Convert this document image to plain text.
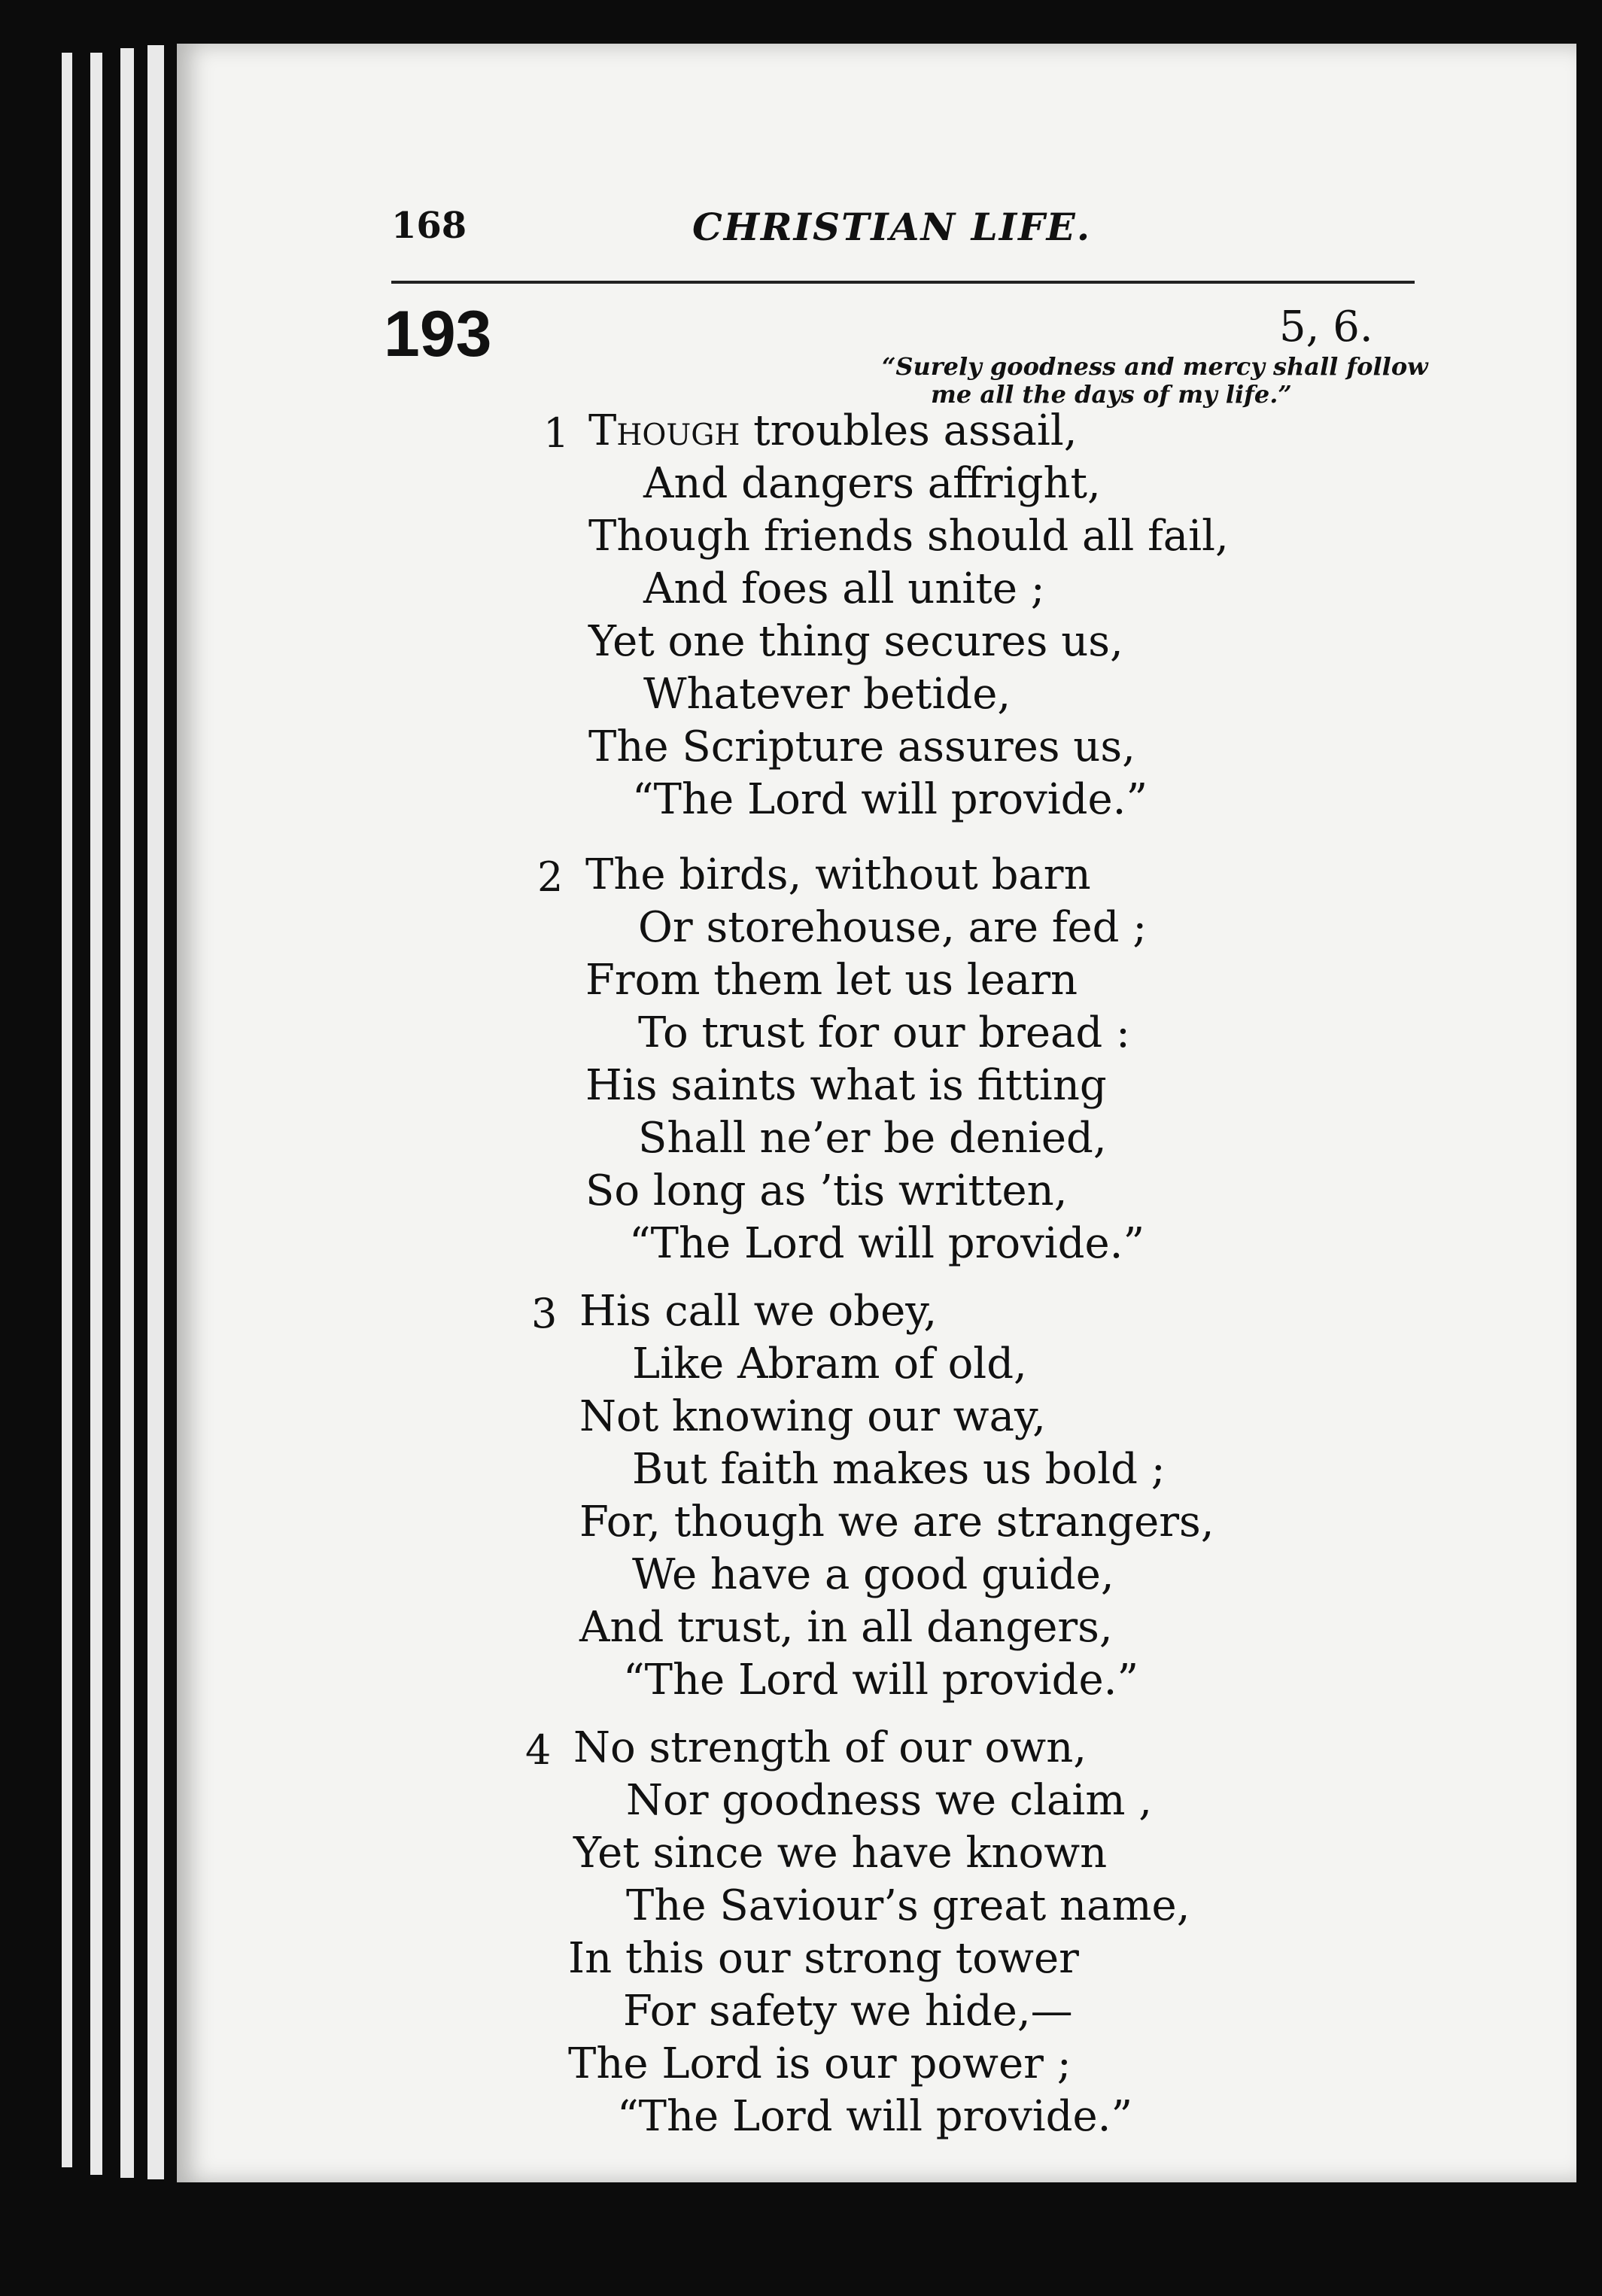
168	CHRISTIAN LIFE.
193	5, 6.
“Surely goodness and mercy shall follow
me all the days of my life.”
1 Though troubles assail,
And dangers affright,
Though friends should all fail,
And foes all unite ;
Yet one thing secures us,
Whatever betide,
The Scripture assures us,
“The Lord will provide.”
2 The birds, without barn
Or storehouse, are fed ;
From them let us learn
To trust for our bread :
His saints what is fitting
Shall ne’er be denied,
So long as ’tis written,
“The Lord will provide.”
3 His call we obey,
Like Abram of old,
Not knowing our way,
But faith makes us bold ;
For, though we are strangers,
We have a good guide,
And trust, in all dangers,
“The Lord will provide.”
4 No strength of our own,
Nor goodness we claim ,
Yet since we have known
The Saviour’s great name,
In this our strong tower
For safety we hide,—
The Lord is our power ;
“The Lord will provide.”
